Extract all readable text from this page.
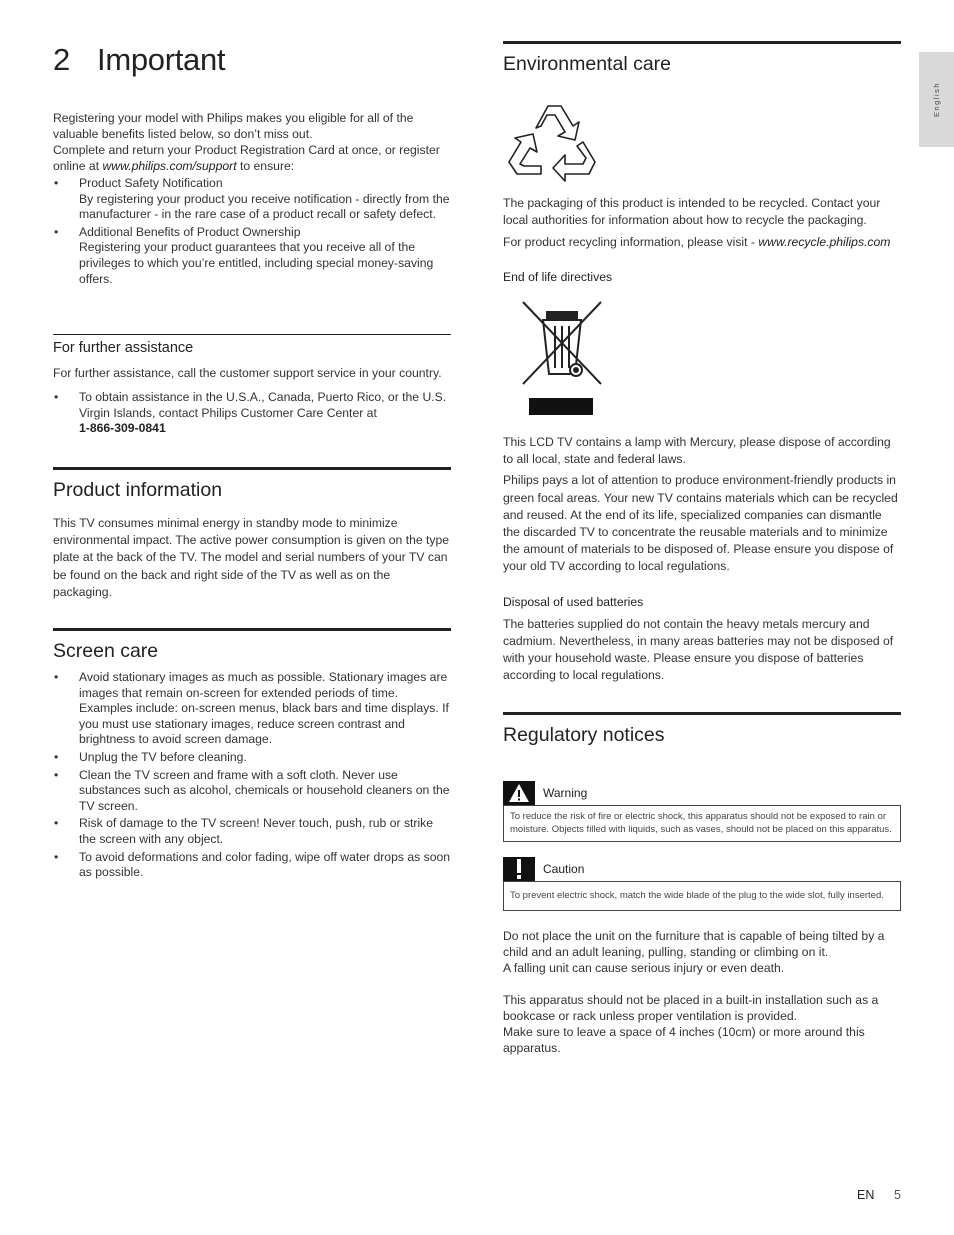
English
2 Important

Registering your model with Philips makes you eligible for all of the valuable benefits listed below, so don’t miss out.

Complete and return your Product Registration Card at once, or register online at www.philips.com/support to ensure:

• Product Safety Notification
By registering your product you receive notification - directly from the manufacturer - in the rare case of a product recall or safety defect.
• Additional Benefits of Product Ownership
Registering your product guarantees that you receive all of the privileges to which you’re entitled, including special money-saving offers.
For further assistance

For further assistance, call the customer support service in your country.

• To obtain assistance in the U.S.A., Canada, Puerto Rico, or the U.S. Virgin Islands, contact Philips Customer Care Center at
1-866-309-0841
Product information

This TV consumes minimal energy in standby mode to minimize environmental impact. The active power consumption is given on the type plate at the back of the TV. The model and serial numbers of your TV can be found on the back and right side of the TV as well as on the packaging.

Screen care
• Avoid stationary images as much as possible. Stationary images are images that remain on-screen for extended periods of time. Examples include: on-screen menus, black bars and time displays. If you must use stationary images, reduce screen contrast and brightness to avoid screen damage.
• Unplug the TV before cleaning.
• Clean the TV screen and frame with a soft cloth. Never use substances such as alcohol, chemicals or household cleaners on the TV screen.
• Risk of damage to the TV screen! Never touch, push, rub or strike the screen with any object.
• To avoid deformations and color fading, wipe off water drops as soon as possible.
Environmental care

The packaging of this product is intended to be recycled. Contact your local authorities for information about how to recycle the packaging.

For product recycling information, please visit - www.recycle.philips.com

End of life directives

This LCD TV contains a lamp with Mercury, please dispose of according to all local, state and federal laws.

Philips pays a lot of attention to produce environment-friendly products in green focal areas. Your new TV contains materials which can be recycled and reused. At the end of its life, specialized companies can dismantle the discarded TV to concentrate the reusable materials and to minimize the amount of materials to be disposed of. Please ensure you dispose of your old TV according to local regulations.

Disposal of used batteries

The batteries supplied do not contain the heavy metals mercury and cadmium. Nevertheless, in many areas batteries may not be disposed of with your household waste. Please ensure you dispose of batteries according to local regulations.

Regulatory notices
Warning
To reduce the risk of fire or electric shock, this apparatus should not be exposed to rain or moisture. Objects filled with liquids, such as vases, should not be placed on this apparatus.
Caution
To prevent electric shock, match the wide blade of the plug to the wide slot, fully inserted.

Do not place the unit on the furniture that is capable of being tilted by a child and an adult leaning, pulling, standing or climbing on it.

A falling unit can cause serious injury or even death.

This apparatus should not be placed in a built-in installation such as a bookcase or rack unless proper ventilation is provided.

Make sure to leave a space of 4 inches (10cm) or more around this apparatus.

EN 5
